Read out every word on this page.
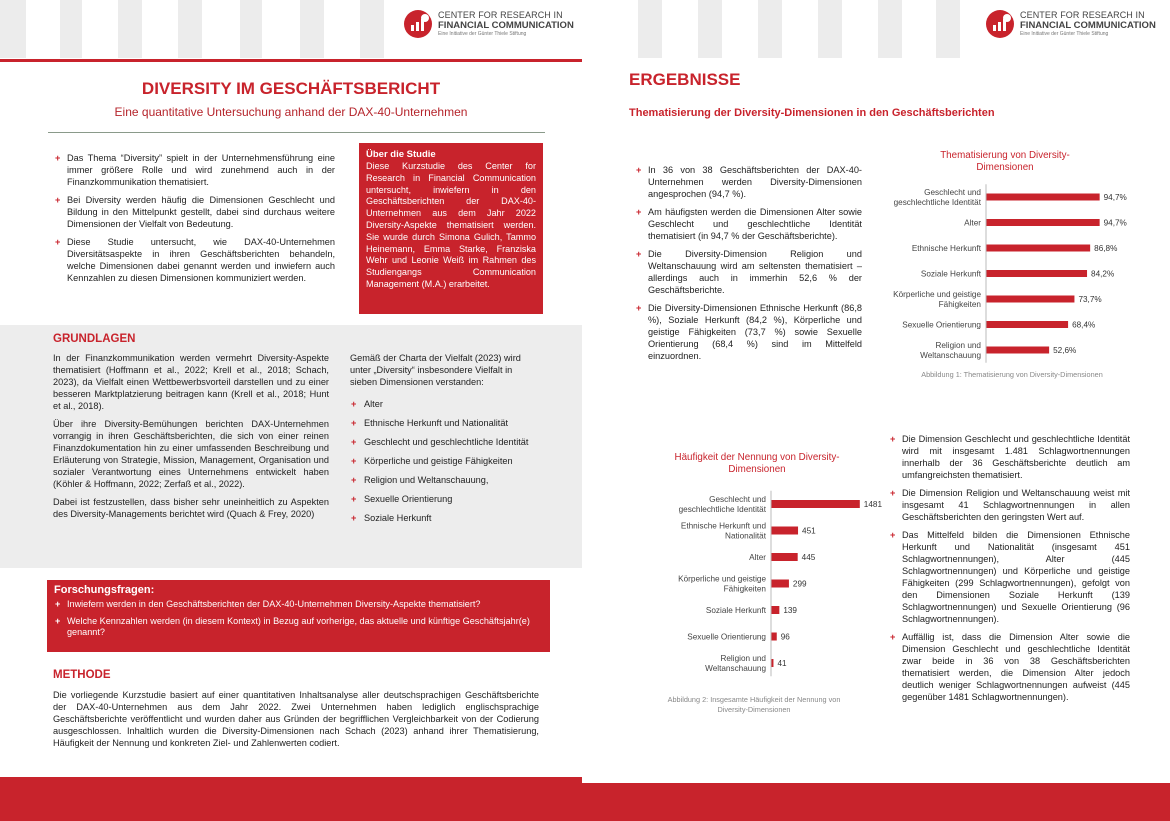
CENTER FOR RESEARCH IN
FINANCIAL COMMUNICATION
Eine Initiative der Günter Thiele Stiftung
DIVERSITY IM GESCHÄFTSBERICHT
Eine quantitative Untersuchung anhand der DAX-40-Unternehmen
+ Das Thema “Diversity” spielt in der Unternehmensführung eine immer größere Rolle und wird zunehmend auch in der Finanzkommunikation thematisiert.
+ Bei Diversity werden häufig die Dimensionen Geschlecht und Bildung in den Mittelpunkt gestellt, dabei sind durchaus weitere Dimensionen der Vielfalt von Bedeutung.
+ Diese Studie untersucht, wie DAX-40-Unternehmen Diversitätsaspekte in ihren Geschäftsberichten behandeln, welche Dimensionen dabei genannt werden und inwiefern auch Kennzahlen zu diesen Dimensionen kommuniziert werden.
Über die Studie
Diese Kurzstudie des Center for Research in Financial Communication untersucht, inwiefern in den Geschäftsberichten der DAX-40-Unternehmen aus dem Jahr 2022 Diversity-Aspekte thematisiert werden. Sie wurde durch Simona Gulich, Tammo Heinemann, Emma Starke, Franziska Wehr und Leonie Weiß im Rahmen des Studiengangs Communication Management (M.A.) erarbeitet.
GRUNDLAGEN
In der Finanzkommunikation werden vermehrt Diversity-Aspekte thematisiert (Hoffmann et al., 2022; Krell et al., 2018; Schach, 2023), da Vielfalt einen Wettbewerbsvorteil darstellen und zu einer besseren Marktplatzierung beitragen kann (Krell et al., 2018; Hunt et al., 2018).
Über ihre Diversity-Bemühungen berichten DAX-Unternehmen vorrangig in ihren Geschäftsberichten, die sich von einer reinen Finanzdokumentation hin zu einer umfassenden Beschreibung und Erläuterung von Strategie, Mission, Management, Organisation und sozialer Verantwortung eines Unternehmens entwickelt haben (Köhler & Hoffmann, 2022; Zerfaß et al., 2022).
Dabei ist festzustellen, dass bisher sehr uneinheitlich zu Aspekten des Diversity-Managements berichtet wird (Quach & Frey, 2020)
Gemäß der Charta der Vielfalt (2023) wird unter „Diversity“ insbesondere Vielfalt in sieben Dimensionen verstanden:
+ Alter
+ Ethnische Herkunft und Nationalität
+ Geschlecht und geschlechtliche Identität
+ Körperliche und geistige Fähigkeiten
+ Religion und Weltanschauung,
+ Sexuelle Orientierung
+ Soziale Herkunft
Forschungsfragen:
+ Inwiefern werden in den Geschäftsberichten der DAX-40-Unternehmen Diversity-Aspekte thematisiert?
+ Welche Kennzahlen werden (in diesem Kontext) in Bezug auf vorherige, das aktuelle und künftige Geschäftsjahr(e) genannt?
METHODE
Die vorliegende Kurzstudie basiert auf einer quantitativen Inhaltsanalyse aller deutschsprachigen Geschäftsberichte der DAX-40-Unternehmen aus dem Jahr 2022. Zwei Unternehmen haben lediglich englischsprachige Geschäftsberichte veröffentlicht und wurden daher aus Gründen der begrifflichen Vergleichbarkeit von der Codierung ausgeschlossen. Inhaltlich wurden die Diversity-Dimensionen nach Schach (2023) anhand ihrer Thematisierung, Häufigkeit der Nennung und konkreten Ziel- und Zahlenwerten codiert.
CENTER FOR RESEARCH IN
FINANCIAL COMMUNICATION
Eine Initiative der Günter Thiele Stiftung
ERGEBNISSE
Thematisierung der Diversity-Dimensionen in den Geschäftsberichten
+ In 36 von 38 Geschäftsberichten der DAX-40-Unternehmen werden Diversity-Dimensionen angesprochen (94,7 %).
+ Am häufigsten werden die Dimensionen Alter sowie Geschlecht und geschlechtliche Identität thematisiert (in 94,7 % der Geschäftsberichte).
+ Die Diversity-Dimension Religion und Weltanschauung wird am seltensten thematisiert – allerdings auch in immerhin 52,6 % der Geschäftsberichte.
+ Die Diversity-Dimensionen Ethnische Herkunft (86,8 %), Soziale Herkunft (84,2 %), Körperliche und geistige Fähigkeiten (73,7 %) sowie Sexuelle Orientierung (68,4 %) sind im Mittelfeld einzuordnen.
Thematisierung von Diversity-Dimensionen
Geschlecht und geschlechtliche Identität
94,7%
Alter	94,7%
Ethnische Herkunft	86,8%
Soziale Herkunft	84,2%
Körperliche und geistige Fähigkeiten
73,7%
Sexuelle Orientierung	68,4%
Religion und Weltanschauung
52,6%
Abbildung 1: Thematisierung von Diversity-Dimensionen
Häufigkeit der Nennung von Diversity-Dimensionen
Geschlecht und geschlechtliche Identität
1481
Ethnische Herkunft und Nationalität
451
Alter	445
Körperliche und geistige Fähigkeiten
299
Soziale Herkunft 139
Sexuelle Orientierung 96
Religion und Weltanschauung
41
Abbildung 2: Insgesamte Häufigkeit der Nennung von Diversity-Dimensionen
+ Die Dimension Geschlecht und geschlechtliche Identität wird mit insgesamt 1.481 Schlagwortnennungen innerhalb der 36 Geschäftsberichte deutlich am umfangreichsten thematisiert.
+ Die Dimension Religion und Weltanschauung weist mit insgesamt 41 Schlagwortnennungen in allen Geschäftsberichten den geringsten Wert auf.
+ Das Mittelfeld bilden die Dimensionen Ethnische Herkunft und Nationalität (insgesamt 451 Schlagwortnennungen), Alter (445 Schlagwortnennungen) und Körperliche und geistige Fähigkeiten (299 Schlagwortnennungen), gefolgt von den Dimensionen Soziale Herkunft (139 Schlagwortnennungen) und Sexuelle Orientierung (96 Schlagwortnennungen).
+ Auffällig ist, dass die Dimension Alter sowie die Dimension Geschlecht und geschlechtliche Identität zwar beide in 36 von 38 Geschäftsberichten thematisiert werden, die Dimension Alter jedoch deutlich weniger Schlagwortnennungen aufweist (445 gegenüber 1481 Schlagwortnennungen).
